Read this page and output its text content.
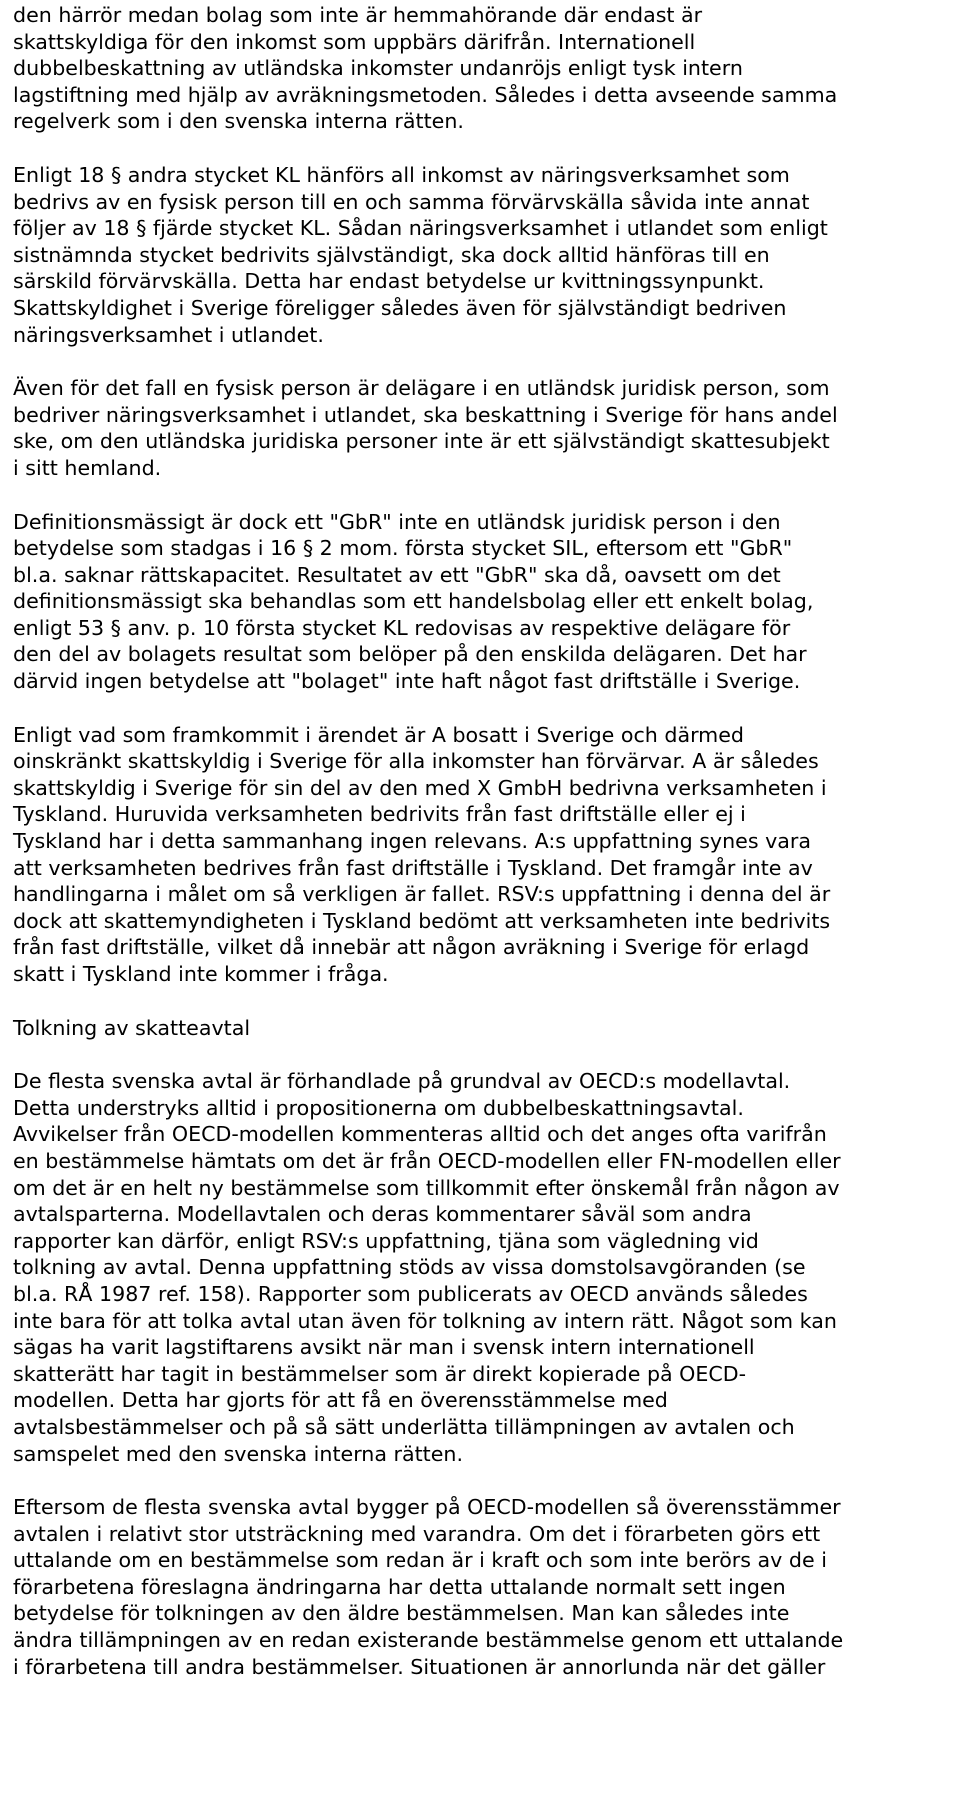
den härrör medan bolag som inte är hemmahörande där endast är
skattskyldiga för den inkomst som uppbärs därifrån. Internationell
dubbelbeskattning av utländska inkomster undanröjs enligt tysk intern
lagstiftning med hjälp av avräkningsmetoden. Således i detta avseende samma
regelverk som i den svenska interna rätten.
Enligt 18 § andra stycket KL hänförs all inkomst av näringsverksamhet som
bedrivs av en fysisk person till en och samma förvärvskälla såvida inte annat
följer av 18 § fjärde stycket KL. Sådan näringsverksamhet i utlandet som enligt
sistnämnda stycket bedrivits självständigt, ska dock alltid hänföras till en
särskild förvärvskälla. Detta har endast betydelse ur kvittningssynpunkt.
Skattskyldighet i Sverige föreligger således även för självständigt bedriven
näringsverksamhet i utlandet.
Även för det fall en fysisk person är delägare i en utländsk juridisk person, som
bedriver näringsverksamhet i utlandet, ska beskattning i Sverige för hans andel
ske, om den utländska juridiska personer inte är ett självständigt skattesubjekt
i sitt hemland.
Definitionsmässigt är dock ett "GbR" inte en utländsk juridisk person i den
betydelse som stadgas i 16 § 2 mom. första stycket SIL, eftersom ett "GbR"
bl.a. saknar rättskapacitet. Resultatet av ett "GbR" ska då, oavsett om det
definitionsmässigt ska behandlas som ett handelsbolag eller ett enkelt bolag,
enligt 53 § anv. p. 10 första stycket KL redovisas av respektive delägare för
den del av bolagets resultat som belöper på den enskilda delägaren. Det har
därvid ingen betydelse att "bolaget" inte haft något fast driftställe i Sverige.
Enligt vad som framkommit i ärendet är A bosatt i Sverige och därmed
oinskränkt skattskyldig i Sverige för alla inkomster han förvärvar. A är således
skattskyldig i Sverige för sin del av den med X GmbH bedrivna verksamheten i
Tyskland. Huruvida verksamheten bedrivits från fast driftställe eller ej i
Tyskland har i detta sammanhang ingen relevans. A:s uppfattning synes vara
att verksamheten bedrives från fast driftställe i Tyskland. Det framgår inte av
handlingarna i målet om så verkligen är fallet. RSV:s uppfattning i denna del är
dock att skattemyndigheten i Tyskland bedömt att verksamheten inte bedrivits
från fast driftställe, vilket då innebär att någon avräkning i Sverige för erlagd
skatt i Tyskland inte kommer i fråga.
Tolkning av skatteavtal
De flesta svenska avtal är förhandlade på grundval av OECD:s modellavtal.
Detta understryks alltid i propositionerna om dubbelbeskattningsavtal.
Avvikelser från OECD-modellen kommenteras alltid och det anges ofta varifrån
en bestämmelse hämtats om det är från OECD-modellen eller FN-modellen eller
om det är en helt ny bestämmelse som tillkommit efter önskemål från någon av
avtalsparterna. Modellavtalen och deras kommentarer såväl som andra
rapporter kan därför, enligt RSV:s uppfattning, tjäna som vägledning vid
tolkning av avtal. Denna uppfattning stöds av vissa domstolsavgöranden (se
bl.a. RÅ 1987 ref. 158). Rapporter som publicerats av OECD används således
inte bara för att tolka avtal utan även för tolkning av intern rätt. Något som kan
sägas ha varit lagstiftarens avsikt när man i svensk intern internationell
skatterätt har tagit in bestämmelser som är direkt kopierade på OECD-
modellen. Detta har gjorts för att få en överensstämmelse med
avtalsbestämmelser och på så sätt underlätta tillämpningen av avtalen och
samspelet med den svenska interna rätten.
Eftersom de flesta svenska avtal bygger på OECD-modellen så överensstämmer
avtalen i relativt stor utsträckning med varandra. Om det i förarbeten görs ett
uttalande om en bestämmelse som redan är i kraft och som inte berörs av de i
förarbetena föreslagna ändringarna har detta uttalande normalt sett ingen
betydelse för tolkningen av den äldre bestämmelsen. Man kan således inte
ändra tillämpningen av en redan existerande bestämmelse genom ett uttalande
i förarbetena till andra bestämmelser. Situationen är annorlunda när det gäller
